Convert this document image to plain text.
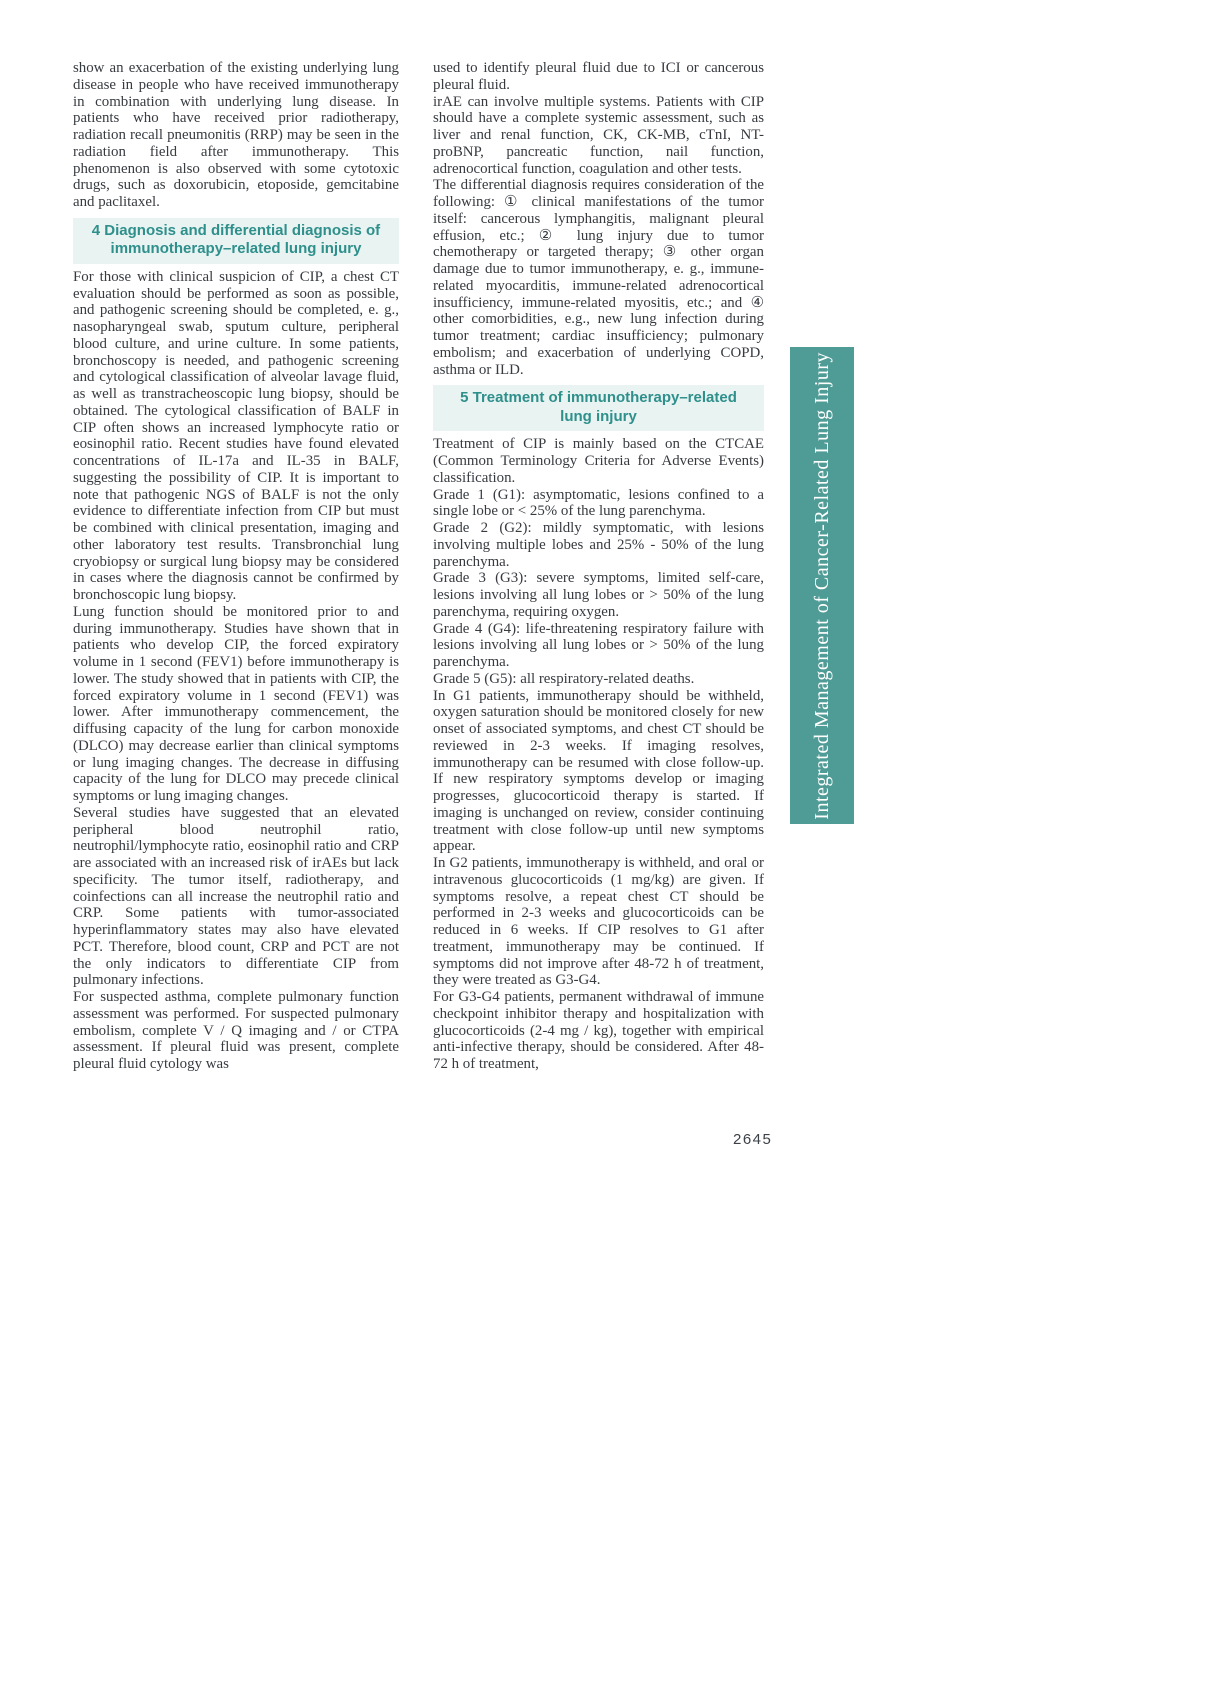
show an exacerbation of the existing underlying lung disease in people who have received immunotherapy in combination with underlying lung disease. In patients who have received prior radiotherapy, radiation recall pneumonitis (RRP) may be seen in the radiation field after immunotherapy. This phenomenon is also observed with some cytotoxic drugs, such as doxorubicin, etoposide, gemcitabine and paclitaxel.

4 Diagnosis and differential diagnosis of immunotherapy–related lung injury

For those with clinical suspicion of CIP, a chest CT evaluation should be performed as soon as possible, and pathogenic screening should be completed, e. g., nasopharyngeal swab, sputum culture, peripheral blood culture, and urine culture. In some patients, bronchoscopy is needed, and pathogenic screening and cytological classification of alveolar lavage fluid, as well as transtracheoscopic lung biopsy, should be obtained. The cytological classification of BALF in CIP often shows an increased lymphocyte ratio or eosinophil ratio. Recent studies have found elevated concentrations of IL-17a and IL-35 in BALF, suggesting the possibility of CIP. It is important to note that pathogenic NGS of BALF is not the only evidence to differentiate infection from CIP but must be combined with clinical presentation, imaging and other laboratory test results. Transbronchial lung cryobiopsy or surgical lung biopsy may be considered in cases where the diagnosis cannot be confirmed by bronchoscopic lung biopsy.

Lung function should be monitored prior to and during immunotherapy. Studies have shown that in patients who develop CIP, the forced expiratory volume in 1 second (FEV1) before immunotherapy is lower. The study showed that in patients with CIP, the forced expiratory volume in 1 second (FEV1) was lower. After immunotherapy commencement, the diffusing capacity of the lung for carbon monoxide (DLCO) may decrease earlier than clinical symptoms or lung imaging changes. The decrease in diffusing capacity of the lung for DLCO may precede clinical symptoms or lung imaging changes.

Several studies have suggested that an elevated peripheral blood neutrophil ratio, neutrophil/lymphocyte ratio, eosinophil ratio and CRP are associated with an increased risk of irAEs but lack specificity. The tumor itself, radiotherapy, and coinfections can all increase the neutrophil ratio and CRP. Some patients with tumor-associated hyperinflammatory states may also have elevated PCT. Therefore, blood count, CRP and PCT are not the only indicators to differentiate CIP from pulmonary infections.

For suspected asthma, complete pulmonary function assessment was performed. For suspected pulmonary embolism, complete V / Q imaging and / or CTPA assessment. If pleural fluid was present, complete pleural fluid cytology was

used to identify pleural fluid due to ICI or cancerous pleural fluid.

irAE can involve multiple systems. Patients with CIP should have a complete systemic assessment, such as liver and renal function, CK, CK-MB, cTnI, NT-proBNP, pancreatic function, nail function, adrenocortical function, coagulation and other tests.

The differential diagnosis requires consideration of the following: ① clinical manifestations of the tumor itself: cancerous lymphangitis, malignant pleural effusion, etc.; ② lung injury due to tumor chemotherapy or targeted therapy; ③ other organ damage due to tumor immunotherapy, e. g., immune-related myocarditis, immune-related adrenocortical insufficiency, immune-related myositis, etc.; and ④ other comorbidities, e.g., new lung infection during tumor treatment; cardiac insufficiency; pulmonary embolism; and exacerbation of underlying COPD, asthma or ILD.

5 Treatment of immunotherapy–related lung injury

Treatment of CIP is mainly based on the CTCAE (Common Terminology Criteria for Adverse Events) classification.

Grade 1 (G1): asymptomatic, lesions confined to a single lobe or < 25% of the lung parenchyma.

Grade 2 (G2): mildly symptomatic, with lesions involving multiple lobes and 25% - 50% of the lung parenchyma.

Grade 3 (G3): severe symptoms, limited self-care, lesions involving all lung lobes or > 50% of the lung parenchyma, requiring oxygen.

Grade 4 (G4): life-threatening respiratory failure with lesions involving all lung lobes or > 50% of the lung parenchyma.

Grade 5 (G5): all respiratory-related deaths.

In G1 patients, immunotherapy should be withheld, oxygen saturation should be monitored closely for new onset of associated symptoms, and chest CT should be reviewed in 2-3 weeks. If imaging resolves, immunotherapy can be resumed with close follow-up. If new respiratory symptoms develop or imaging progresses, glucocorticoid therapy is started. If imaging is unchanged on review, consider continuing treatment with close follow-up until new symptoms appear.

In G2 patients, immunotherapy is withheld, and oral or intravenous glucocorticoids (1 mg/kg) are given. If symptoms resolve, a repeat chest CT should be performed in 2-3 weeks and glucocorticoids can be reduced in 6 weeks. If CIP resolves to G1 after treatment, immunotherapy may be continued. If symptoms did not improve after 48-72 h of treatment, they were treated as G3-G4.

For G3-G4 patients, permanent withdrawal of immune checkpoint inhibitor therapy and hospitalization with glucocorticoids (2-4 mg / kg), together with empirical anti-infective therapy, should be considered. After 48-72 h of treatment,

Integrated Management of Cancer-Related Lung Injury
2645
